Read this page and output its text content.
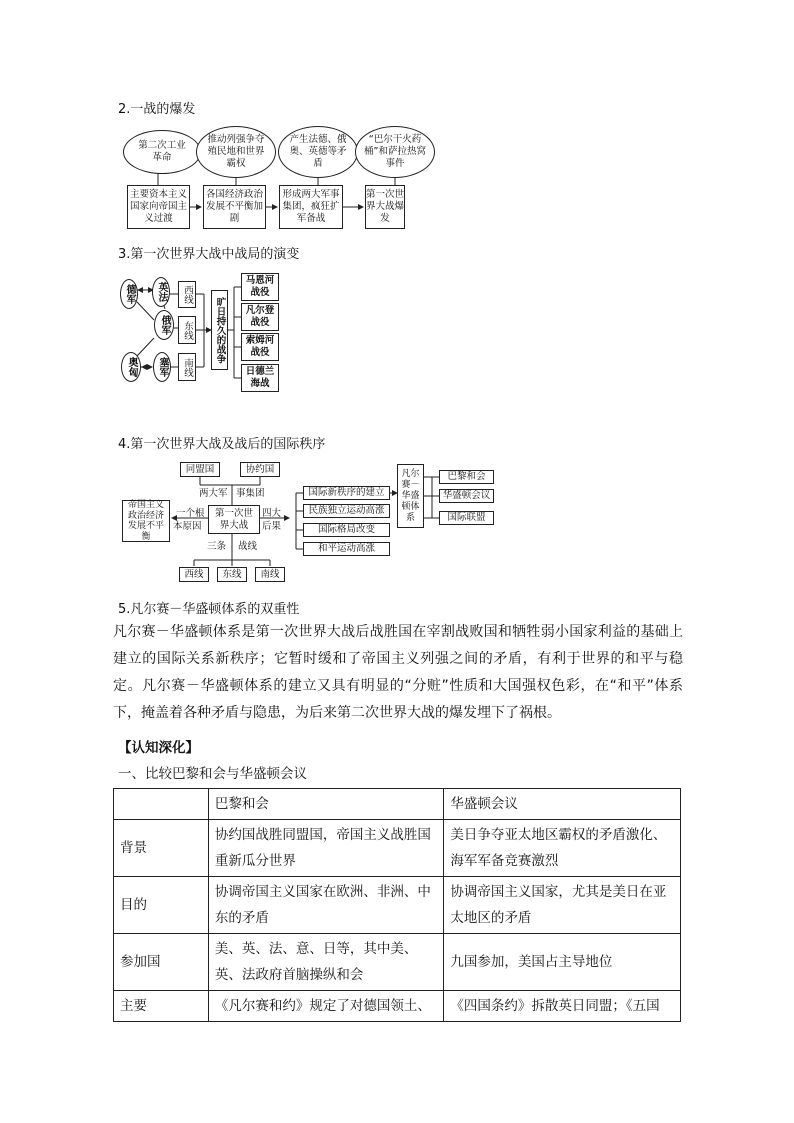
2.一战的爆发
第二次工业革命
推动列强争夺殖民地和世界霸权
产生法德、俄奥、英德等矛盾
“巴尔干火药桶”和萨拉热窝事件
主要资本主义国家向帝国主义过渡
各国经济政治发展不平衡加剧
形成两大军事集团，疯狂扩军备战
第一次世界大战爆发
3.第一次世界大战中战局的演变
德军 英法
俄军
奥匈 塞军
西线
东线
南线
旷日持久的战争
马恩河战役
凡尔登战役
索姆河战役
日德兰海战
4.第一次世界大战及战后的国际秩序
同盟国	协约国
两大军 事集团
帝国主义政治经济发展不平衡
一个根
本原因
第一次世界大战
四大
后果
国际新秩序的建立
民族独立运动高涨
国际格局改变
和平运动高涨
凡尔赛－华盛顿体系
巴黎和会
华盛顿会议
国际联盟
三条 战线
西线 东线 南线
5.凡尔赛－华盛顿体系的双重性
凡尔赛－华盛顿体系是第一次世界大战后战胜国在宰割战败国和牺牲弱小国家利益的基础上建立的国际关系新秩序；它暂时缓和了帝国主义列强之间的矛盾，有利于世界的和平与稳定。凡尔赛－华盛顿体系的建立又具有明显的“分赃”性质和大国强权色彩，在“和平”体系下，掩盖着各种矛盾与隐患，为后来第二次世界大战的爆发埋下了祸根。
【认知深化】
一、比较巴黎和会与华盛顿会议
	巴黎和会	华盛顿会议
背景	协约国战胜同盟国，帝国主义战胜国重新瓜分世界	美日争夺亚太地区霸权的矛盾激化、海军军备竞赛激烈
目的	协调帝国主义国家在欧洲、非洲、中东的矛盾	协调帝国主义国家，尤其是美日在亚太地区的矛盾
参加国	美、英、法、意、日等，其中美、英、法政府首脑操纵和会	九国参加，美国占主导地位
主要	《凡尔赛和约》规定了对德国领土、	《四国条约》拆散英日同盟；《五国
